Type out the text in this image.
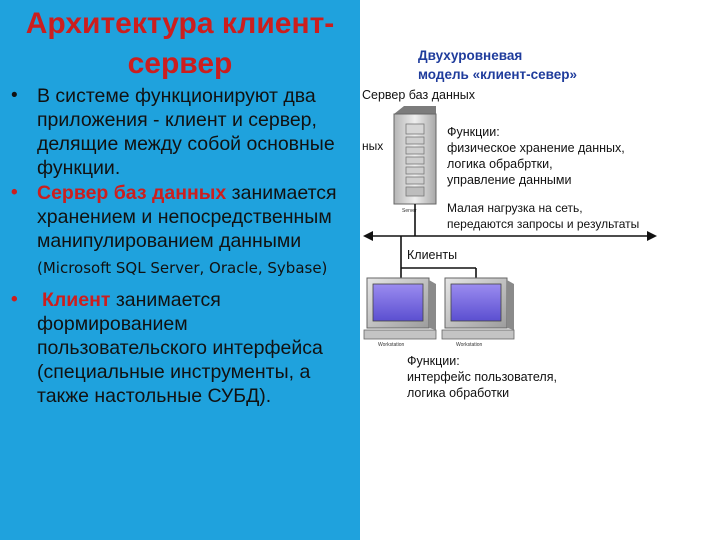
Архитектура клиент-сервер
• В системе функционируют два приложения - клиент и сервер, делящие между собой основные функции.
• Сервер баз данных занимается хранением и непосредственным манипулированием данными (Microsoft SQL Server, Oracle, Sybase)
• Клиент занимается формированием пользовательского интерфейса (специальные инструменты, а также настольные СУБД).
Двухуровневая
модель «клиент-север»
Сервер баз данных
ных
Server
Функции:
физическое хранение данных,
логика обрабртки,
управление данными
Малая нагрузка на сеть,
передаются запросы и результаты
Клиенты
Workstation	Workstation
Функции:
интерфейс пользователя,
логика обработки
